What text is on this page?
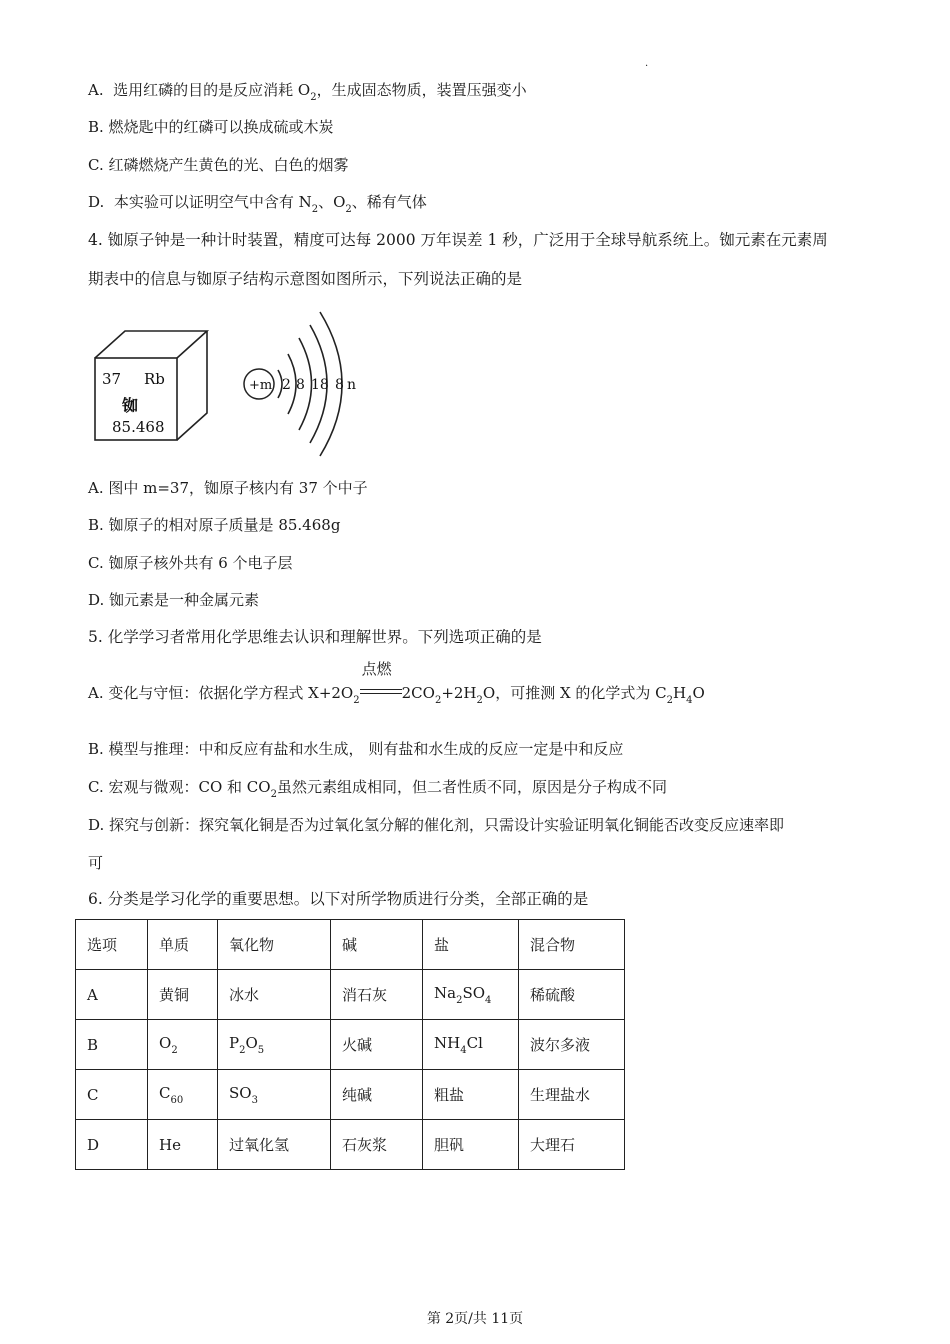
.
A. 选用红磷的目的是反应消耗 $O_2$，生成固态物质，装置压强变小
B. 燃烧匙中的红磷可以换成硫或木炭
C. 红磷燃烧产生黄色的光、白色的烟雾
D. 本实验可以证明空气中含有 $N_2$、$O_2$、稀有气体
4. 铷原子钟是一种计时装置，精度可达每 2000 万年误差 1 秒，广泛用于全球导航系统上。铷元素在元素周
期表中的信息与铷原子结构示意图如图所示，下列说法正确的是
37 Rb
铷
85.468
+m 2 8 18 8 n
A. 图中 m=37，铷原子核内有 37 个中子
B. 铷原子的相对原子质量是 85.468g
C. 铷原子核外共有 6 个电子层
D. 铷元素是一种金属元素
5. 化学学习者常用化学思维去认识和理解世界。下列选项正确的是
A. 变化与守恒：依据化学方程式 $X+2O_2$
点燃
$2CO_2+2H_2O$，可推测 X 的化学式为 $C_2H_4O$
B. 模型与推理：中和反应有盐和水生成， 则有盐和水生成的反应一定是中和反应
C. 宏观与微观：CO 和 $CO_2$虽然元素组成相同，但二者性质不同，原因是分子构成不同
D. 探究与创新：探究氧化铜是否为过氧化氢分解的催化剂，只需设计实验证明氧化铜能否改变反应速率即
可
6. 分类是学习化学的重要思想。以下对所学物质进行分类，全部正确的是
选项	单质	氧化物	碱	盐	混合物
A	黄铜	冰水	消石灰	$Na_2SO_4$	稀硫酸
B	$O_2$	$P_2O_5$	火碱	$NH_4Cl$	波尔多液
C	$C_{60}$	$SO_3$	纯碱	粗盐	生理盐水
D	He	过氧化氢	石灰浆	胆矾	大理石
第 2页/共 11页
